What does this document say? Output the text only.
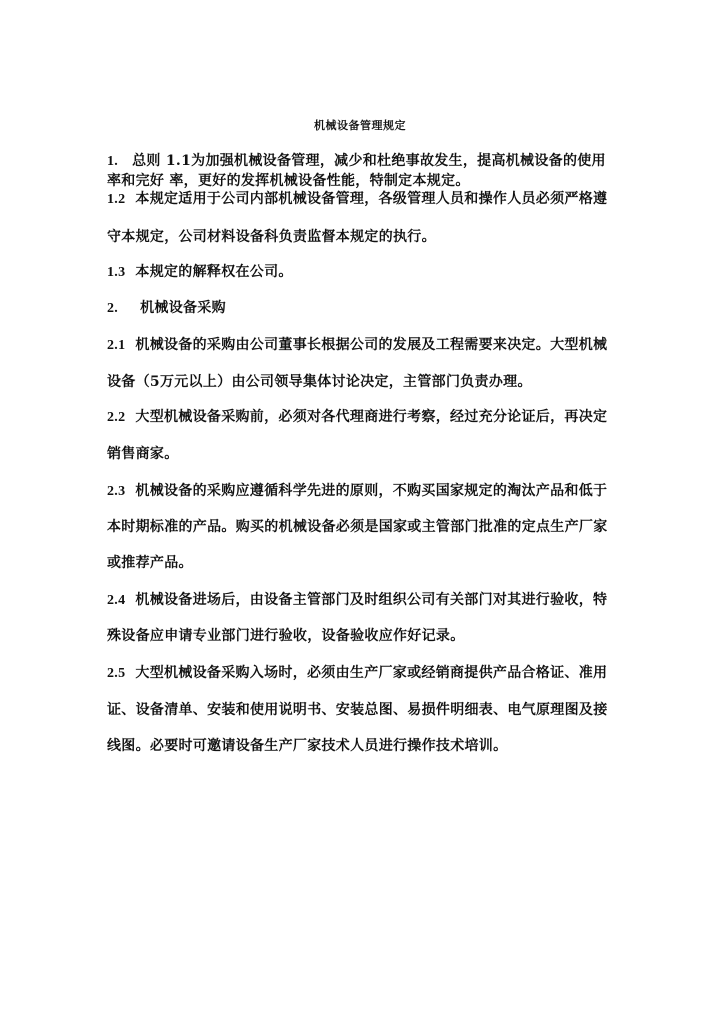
机械设备管理规定
1. 总则 1.1为加强机械设备管理，减少和杜绝事故发生，提高机械设备的使用
率和完好 率，更好的发挥机械设备性能，特制定本规定。
1.2 本规定适用于公司内部机械设备管理，各级管理人员和操作人员必须严格遵
守本规定，公司材料设备科负责监督本规定的执行。
1.3 本规定的解释权在公司。
2. 机械设备采购
2.1 机械设备的采购由公司董事长根据公司的发展及工程需要来决定。大型机械
设备（5万元以上）由公司领导集体讨论决定，主管部门负责办理。
2.2 大型机械设备采购前，必须对各代理商进行考察，经过充分论证后，再决定
销售商家。
2.3 机械设备的采购应遵循科学先进的原则，不购买国家规定的淘汰产品和低于
本时期标准的产品。购买的机械设备必须是国家或主管部门批准的定点生产厂家
或推荐产品。
2.4 机械设备进场后，由设备主管部门及时组织公司有关部门对其进行验收，特
殊设备应申请专业部门进行验收，设备验收应作好记录。
2.5 大型机械设备采购入场时，必须由生产厂家或经销商提供产品合格证、准用
证、设备清单、安装和使用说明书、安装总图、易损件明细表、电气原理图及接
线图。必要时可邀请设备生产厂家技术人员进行操作技术培训。
